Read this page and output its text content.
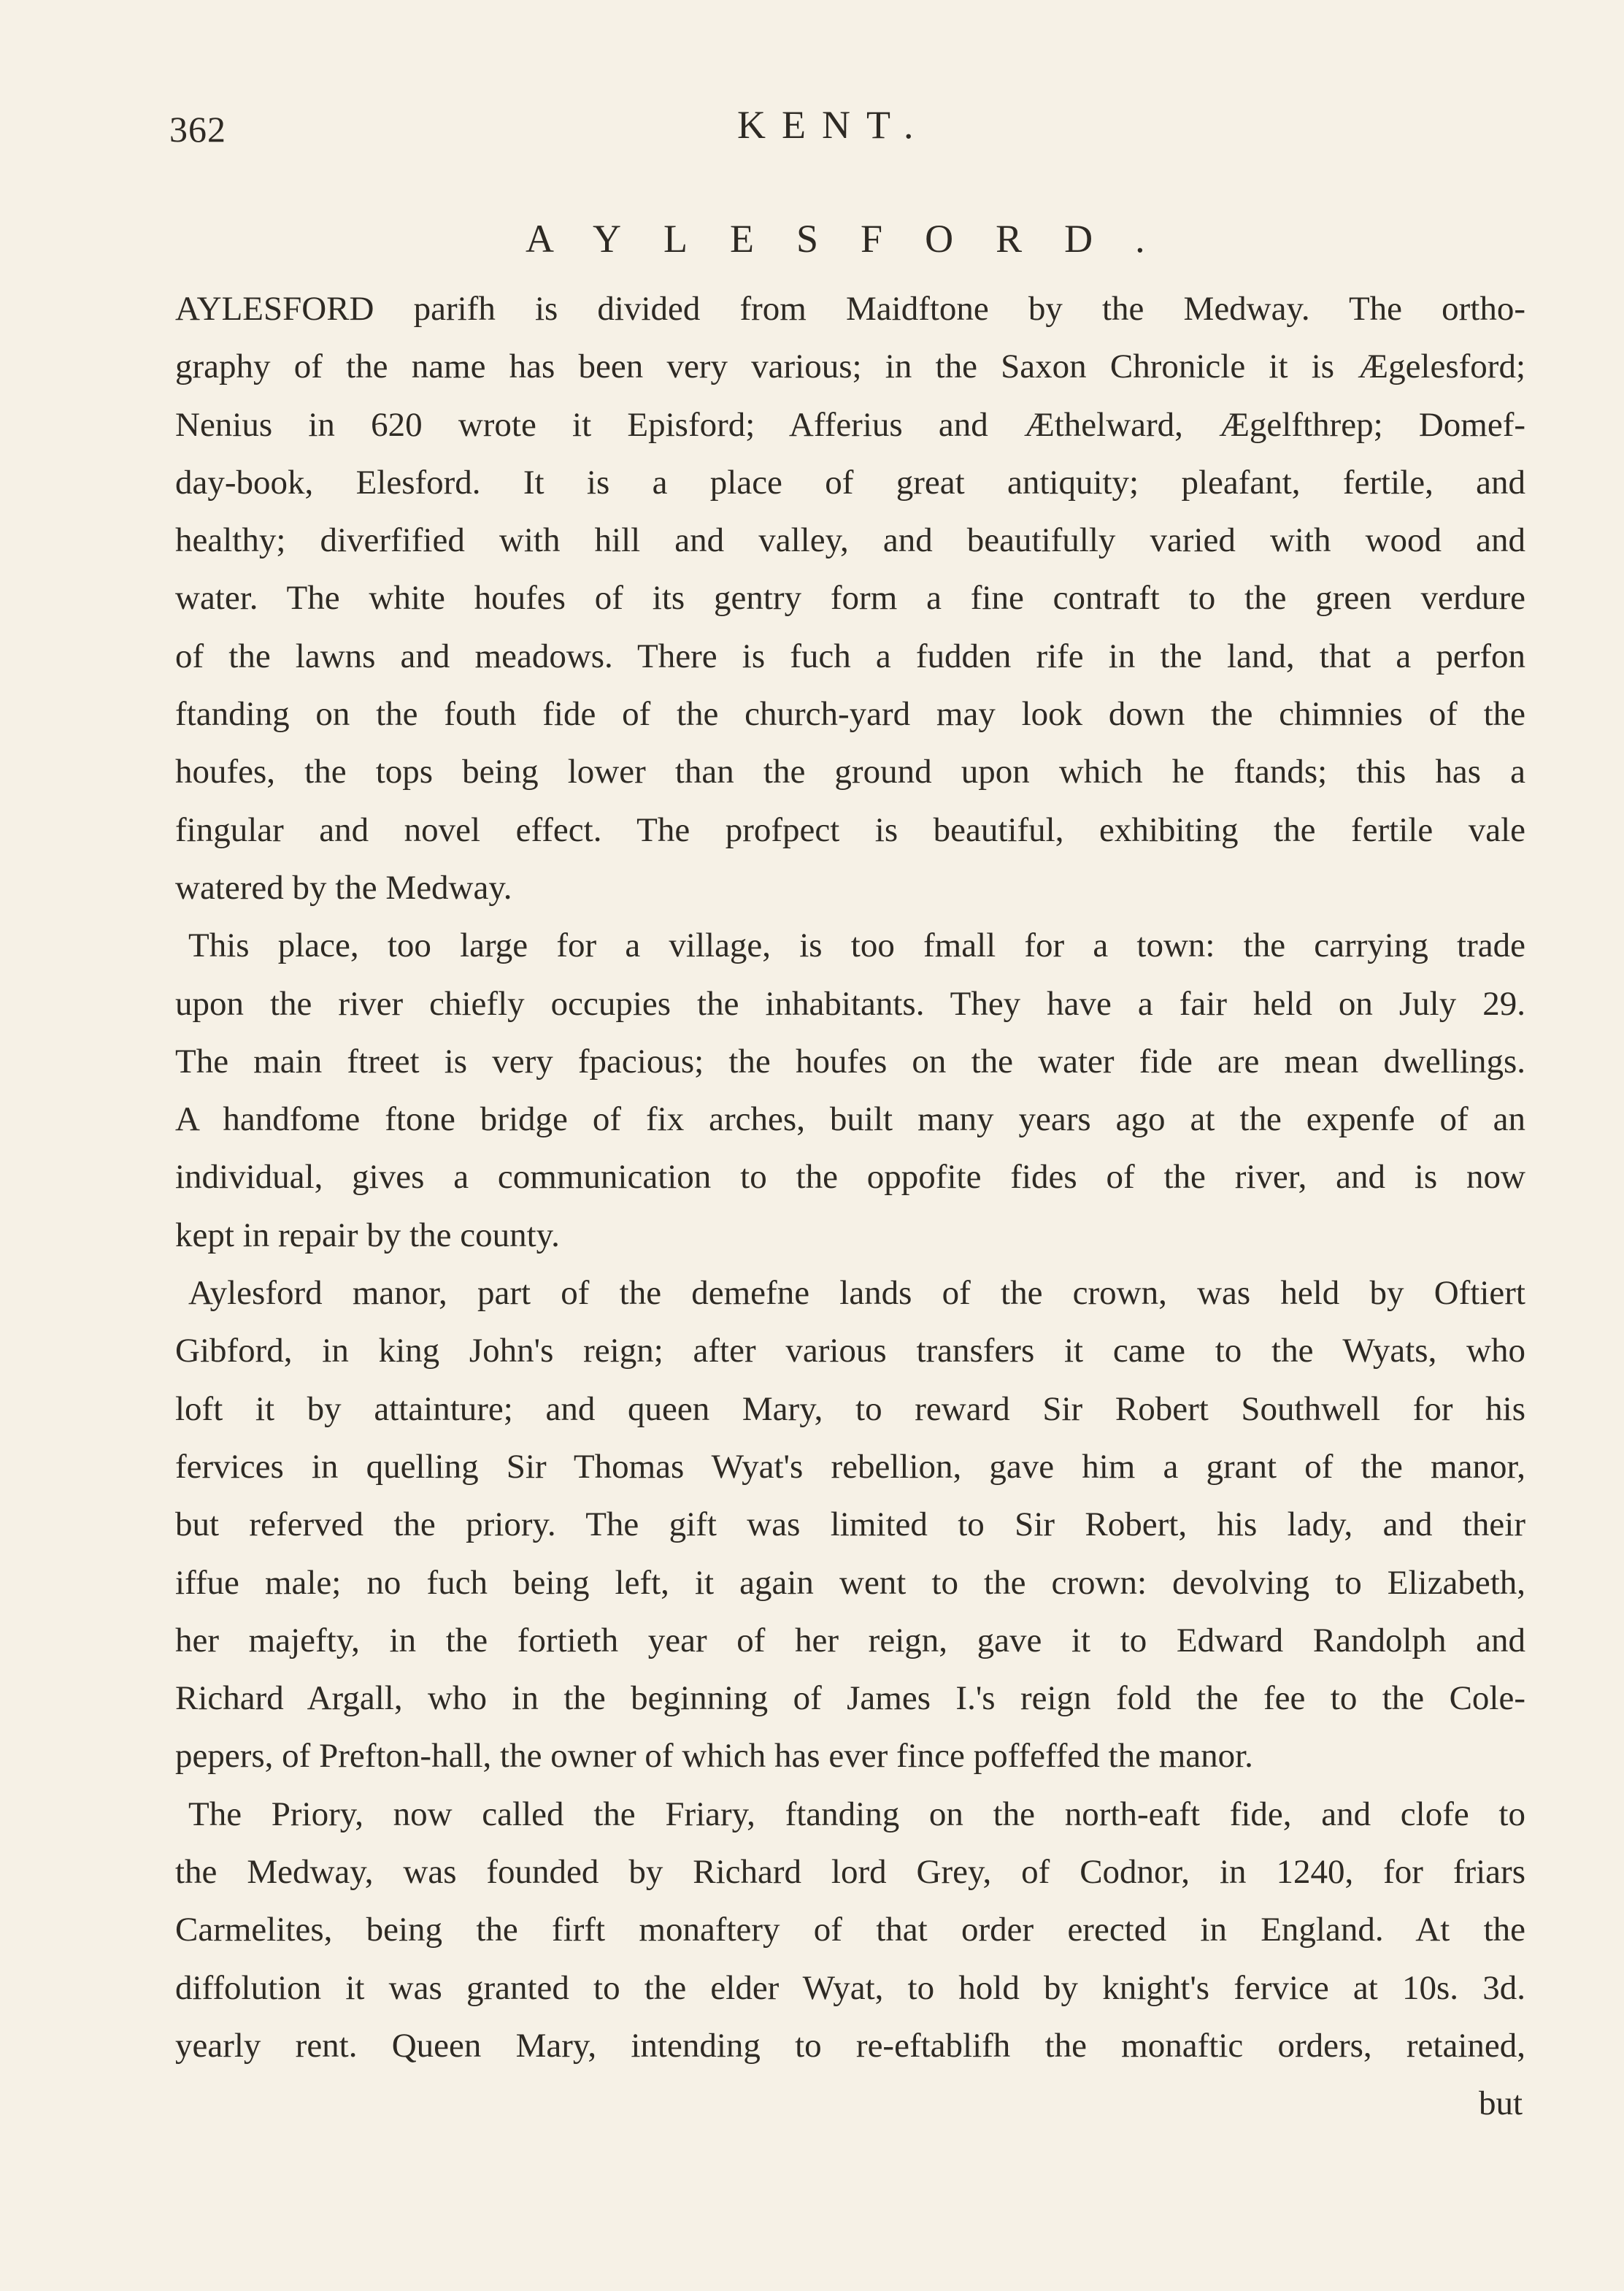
362	KENT.
AYLESFORD.
AYLESFORD parifh is divided from Maidftone by the Medway. The ortho-
graphy of the name has been very various; in the Saxon Chronicle it is Ægelesford;
Nenius in 620 wrote it Episford; Afferius and Æthelward, Ægelfthrep; Domef-
day-book, Elesford. It is a place of great antiquity; pleafant, fertile, and
healthy; diverfified with hill and valley, and beautifully varied with wood and
water. The white houfes of its gentry form a fine contraft to the green verdure
of the lawns and meadows. There is fuch a fudden rife in the land, that a perfon
ftanding on the fouth fide of the church-yard may look down the chimnies of the
houfes, the tops being lower than the ground upon which he ftands; this has a
fingular and novel effect. The profpect is beautiful, exhibiting the fertile vale
watered by the Medway.
This place, too large for a village, is too fmall for a town: the carrying trade
upon the river chiefly occupies the inhabitants. They have a fair held on July 29.
The main ftreet is very fpacious; the houfes on the water fide are mean dwellings.
A handfome ftone bridge of fix arches, built many years ago at the expenfe of an
individual, gives a communication to the oppofite fides of the river, and is now
kept in repair by the county.
Aylesford manor, part of the demefne lands of the crown, was held by Oftiert
Gibford, in king John's reign; after various transfers it came to the Wyats, who
loft it by attainture; and queen Mary, to reward Sir Robert Southwell for his
fervices in quelling Sir Thomas Wyat's rebellion, gave him a grant of the manor,
but referved the priory. The gift was limited to Sir Robert, his lady, and their
iffue male; no fuch being left, it again went to the crown: devolving to Elizabeth,
her majefty, in the fortieth year of her reign, gave it to Edward Randolph and
Richard Argall, who in the beginning of James I.'s reign fold the fee to the Cole-
pepers, of Prefton-hall, the owner of which has ever fince poffeffed the manor.
The Priory, now called the Friary, ftanding on the north-eaft fide, and clofe to
the Medway, was founded by Richard lord Grey, of Codnor, in 1240, for friars
Carmelites, being the firft monaftery of that order erected in England. At the
diffolution it was granted to the elder Wyat, to hold by knight's fervice at 10s. 3d.
yearly rent. Queen Mary, intending to re-eftablifh the monaftic orders, retained,
but
